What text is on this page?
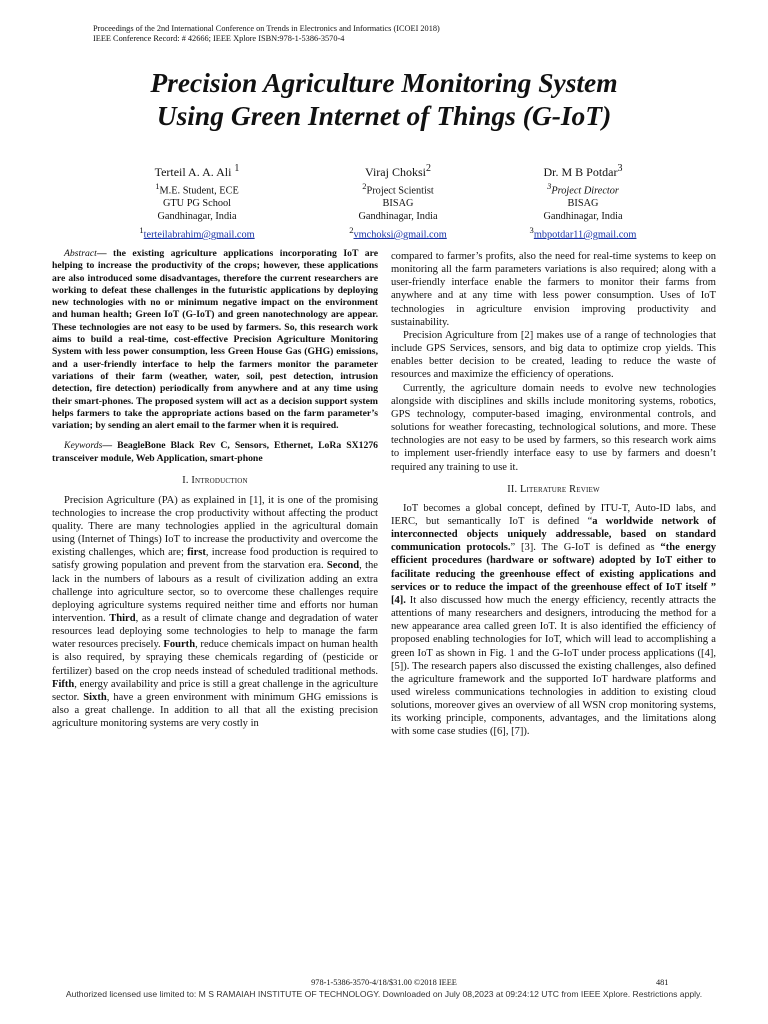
Proceedings of the 2nd International Conference on Trends in Electronics and Informatics (ICOEI 2018)
IEEE Conference Record: # 42666; IEEE Xplore ISBN:978-1-5386-3570-4
Precision Agriculture Monitoring System
Using Green Internet of Things (G-IoT)
Terteil A. A. Ali $^1$
$^1$M.E. Student, ECE
GTU PG School
Gandhinagar, India
$^1$terteilabrahim@gmail.com
Viraj Choksi$^2$
$^2$Project Scientist
BISAG
Gandhinagar, India
$^2$vmchoksi@gmail.com
Dr. M B Potdar$^3$
$^3$Project Director
BISAG
Gandhinagar, India
$^3$mbpotdar11@gmail.com

Abstract— the existing agriculture applications incorporating IoT are helping to increase the productivity of the crops; however, these applications are also introduced some disadvantages, therefore the current researchers are working to defeat these challenges in the futuristic applications by deploying new technologies with no or minimum negative impact on the environment and human health; Green IoT (G-IoT) and green nanotechnology are appear. These technologies are not easy to be used by farmers. So, this research work aims to build a real-time, cost-effective Precision Agriculture Monitoring System with less power consumption, less Green House Gas (GHG) emissions, and a user-friendly interface to help the farmers monitor the parameter variations of their farm (weather, water, soil, pest detection, intrusion detection, fire detection) periodically from anywhere and at any time using their smart-phones. The proposed system will act as a decision support system helps farmers to take the appropriate actions based on the farm parameter’s variation; by sending an alert email to the farmer when it is required.

Keywords— BeagleBone Black Rev C, Sensors, Ethernet, LoRa SX1276 transceiver module, Web Application, smart-phone

I. Introduction

Precision Agriculture (PA) as explained in [1], it is one of the promising technologies to increase the crop productivity without affecting the product quality. There are many technologies applied in the agricultural domain using (Internet of Things) IoT to increase the productivity and overcome the existing challenges, which are; first, increase food production is required to satisfy growing population and prevent from the starvation era. Second, the lack in the numbers of labours as a result of civilization adding an extra challenge into agriculture sector, so to overcome these challenges require deploying agriculture systems required neither time and efforts nor human intervention. Third, as a result of climate change and degradation of water resources lead deploying some technologies to help to manage the farm water resources precisely. Fourth, reduce chemicals impact on human health is also required, by spraying these chemicals regarding of (pesticide or fertilizer) based on the crop needs instead of scheduled traditional methods. Fifth, energy availability and price is still a great challenge in the agriculture sector. Sixth, have a green environment with minimum GHG emissions is also a great challenge. In addition to all that all the existing precision agriculture monitoring systems are very costly in

compared to farmer’s profits, also the need for real-time systems to keep on monitoring all the farm parameters variations is also required; along with a user-friendly interface enable the farmers to monitor their farms from anywhere and at any time with less power consumption. Uses of IoT technologies in agriculture envision improving productivity and sustainability.

Precision Agriculture from [2] makes use of a range of technologies that include GPS Services, sensors, and big data to optimize crop yields. This enables better decision to be created, leading to reduce the waste of resources and maximize the efficiency of operations.

Currently, the agriculture domain needs to evolve new technologies alongside with disciplines and skills include monitoring systems, robotics, GPS technology, computer-based imaging, environmental controls, and solutions for weather forecasting, technological solutions, and more. These technologies are not easy to be used by farmers, so this research work aims to implement user-friendly interface easy to use by farmers and doesn’t required any training to use it.

II. Literature Review

IoT becomes a global concept, defined by ITU-T, Auto-ID labs, and IERC, but semantically IoT is defined “a worldwide network of interconnected objects uniquely addressable, based on standard communication protocols.” [3]. The G-IoT is defined as “the energy efficient procedures (hardware or software) adopted by IoT either to facilitate reducing the greenhouse effect of existing applications and services or to reduce the impact of the greenhouse effect of IoT itself ” [4]. It also discussed how much the energy efficiency, recently attracts the attentions of many researchers and designers, introducing the method for a new appearance area called green IoT. It is also identified the efficiency of proposed enabling technologies for IoT, which will lead to accomplishing a green IoT as shown in Fig. 1 and the G-IoT under process applications ([4],[5]). The research papers also discussed the existing challenges, also defined the agriculture framework and the supported IoT hardware platforms and used wireless communications technologies in addition to existing cloud solutions, moreover gives an overview of all WSN crop monitoring systems, its working principle, components, advantages, and the limitations along with some case studies ([6], [7]).

978-1-5386-3570-4/18/$31.00 ©2018 IEEE	481
Authorized licensed use limited to: M S RAMAIAH INSTITUTE OF TECHNOLOGY. Downloaded on July 08,2023 at 09:24:12 UTC from IEEE Xplore. Restrictions apply.
